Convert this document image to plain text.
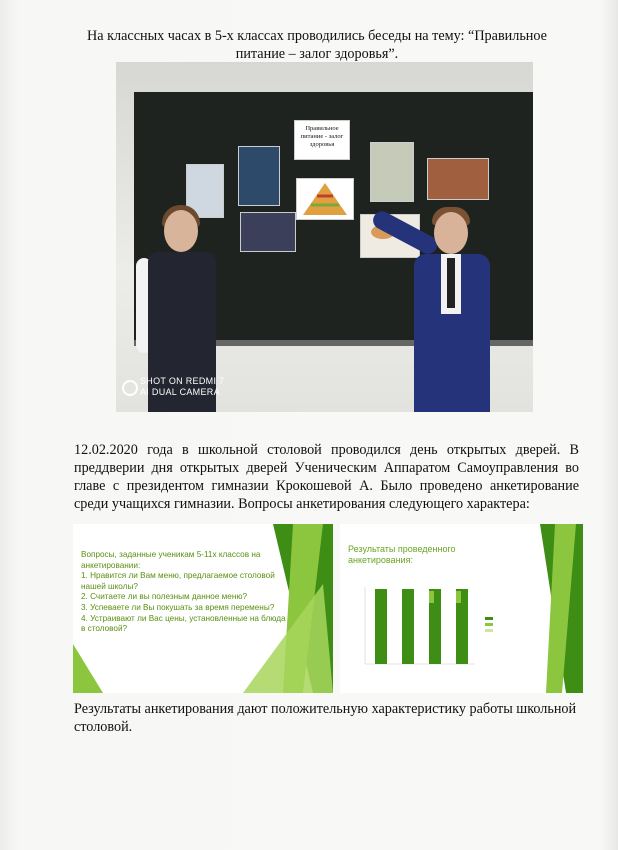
На классных часах в 5-х классах проводились беседы на тему: “Правильное питание – залог здоровья”.
Правильное питание - залог здоровья
SHOT ON REDMI 7
AI DUAL CAMERA
12.02.2020 года в школьной столовой проводился день открытых дверей. В преддверии дня открытых дверей Ученическим Аппаратом Самоуправления во главе с президентом гимназии Крокошевой А. Было проведено анкетирование среди учащихся гимназии. Вопросы анкетирования следующего характера:
Вопросы, заданные ученикам 5-11х классов на анкетировании:
1. Нравится ли Вам меню, предлагаемое столовой нашей школы?
2. Считаете ли вы полезным данное меню?
3. Успеваете ли Вы покушать за время перемены?
4. Устраивают ли Вас цены, установленные на блюда в столовой?
Результаты проведенного анкетирования:
Результаты анкетирования дают положительную характеристику работы школьной столовой.
